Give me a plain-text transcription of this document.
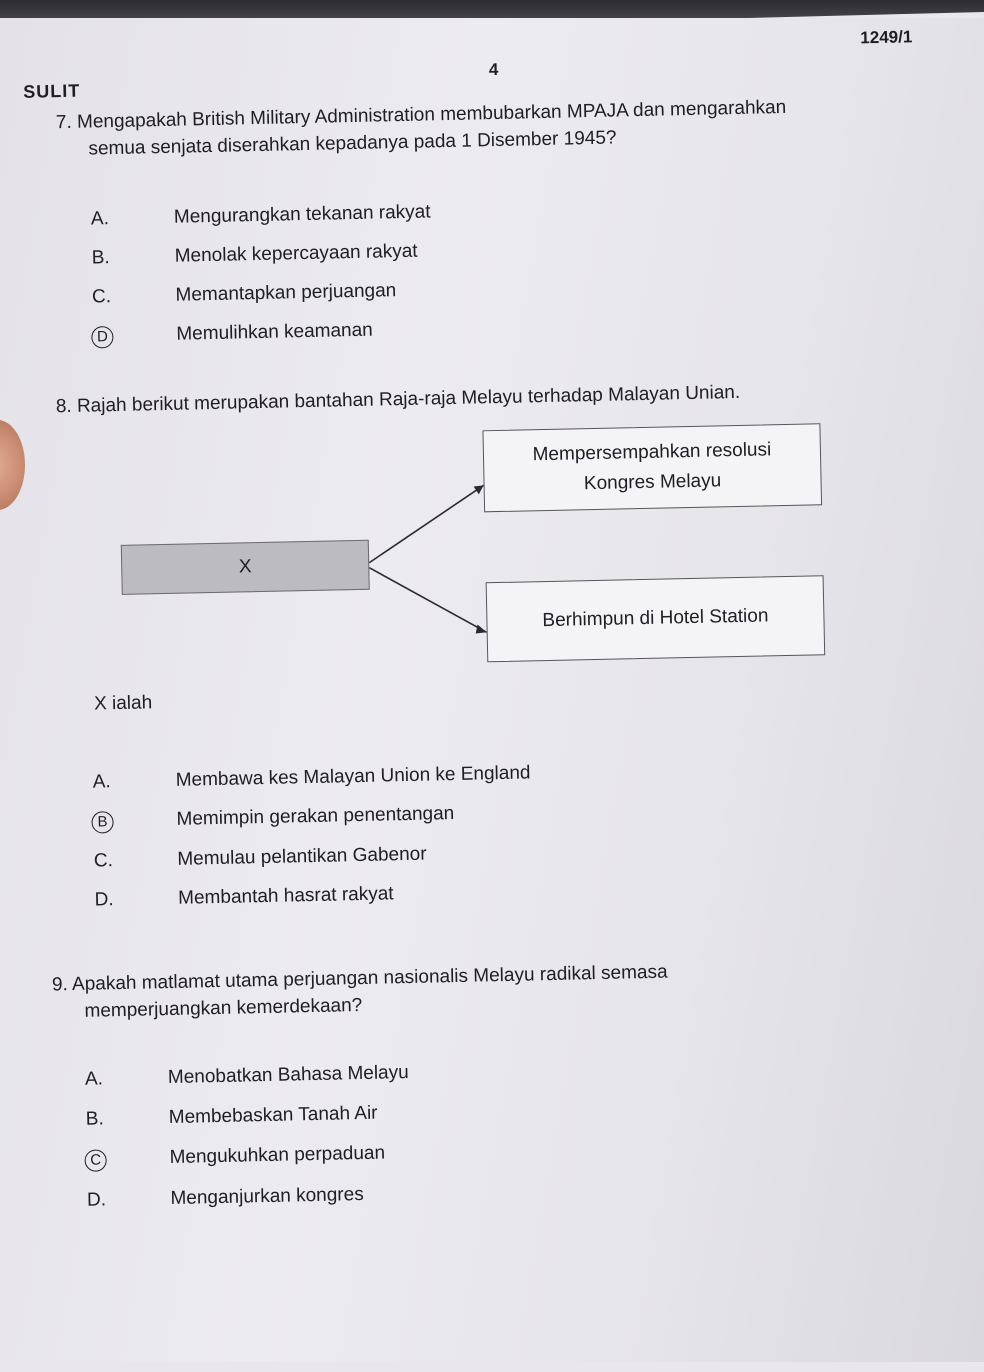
1249/1
SULIT
4
7. Mengapakah British Military Administration membubarkan MPAJA dan mengarahkan
semua senjata diserahkan kepadanya pada 1 Disember 1945?
A.	Mengurangkan tekanan rakyat
B.	Menolak kepercayaan rakyat
C.	Memantapkan perjuangan
D	Memulihkan keamanan
8. Rajah berikut merupakan bantahan Raja-raja Melayu terhadap Malayan Unian.
Mempersempahkan resolusi Kongres Melayu
X
Berhimpun di Hotel Station
X ialah
A.	Membawa kes Malayan Union ke England
B	Memimpin gerakan penentangan
C.	Memulau pelantikan Gabenor
D.	Membantah hasrat rakyat
9. Apakah matlamat utama perjuangan nasionalis Melayu radikal semasa
memperjuangkan kemerdekaan?
A.	Menobatkan Bahasa Melayu
B.	Membebaskan Tanah Air
C	Mengukuhkan perpaduan
D.	Menganjurkan kongres
